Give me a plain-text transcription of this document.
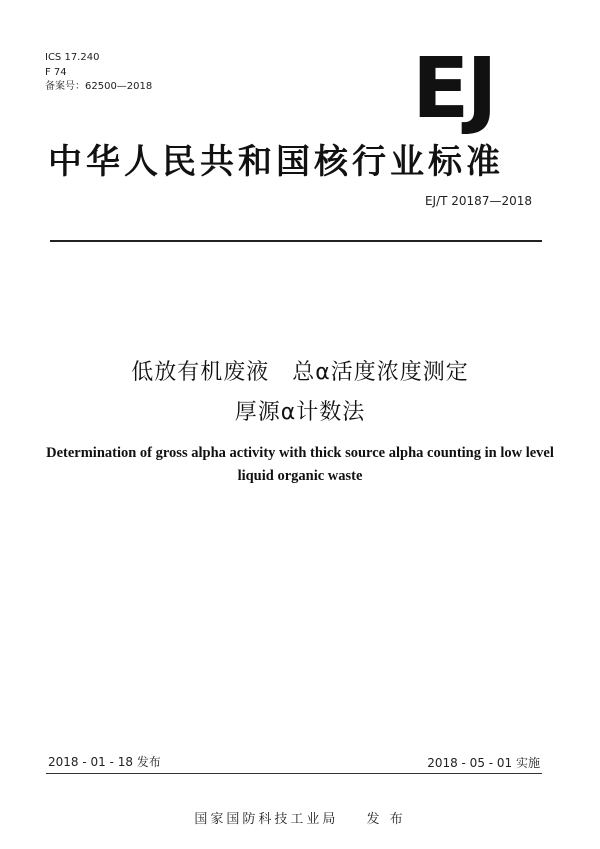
ICS 17.240
F 74
备案号：62500—2018	EJ
中华人民共和国核行业标准
EJ/T 20187—2018
低放有机废液　总α活度浓度测定
厚源α计数法
Determination of gross alpha activity with thick source alpha counting in low level liquid organic waste
2018 - 01 - 18 发布	2018 - 05 - 01 实施
国家国防科技工业局 发 布
